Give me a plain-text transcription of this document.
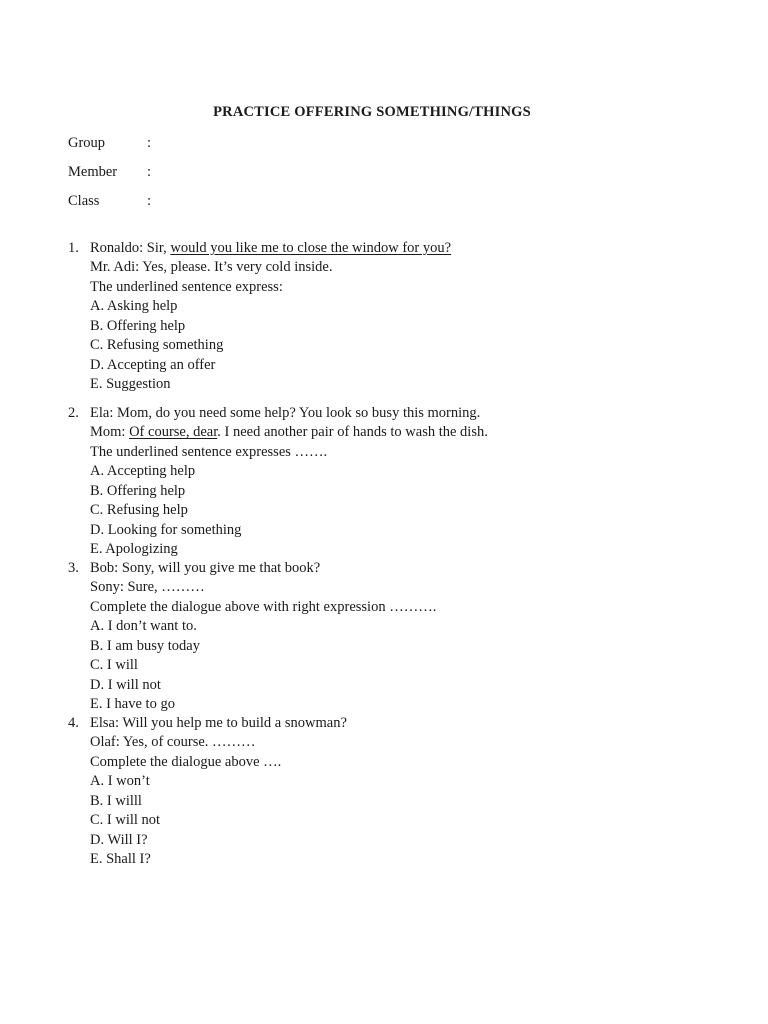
PRACTICE OFFERING SOMETHING/THINGS
Group	:
Member :
Class	:
1. Ronaldo: Sir, would you like me to close the window for you?
Mr. Adi: Yes, please. It’s very cold inside.
The underlined sentence express:
A. Asking help
B. Offering help
C. Refusing something
D. Accepting an offer
E. Suggestion
2. Ela: Mom, do you need some help? You look so busy this morning.
Mom: Of course, dear. I need another pair of hands to wash the dish.
The underlined sentence expresses …….
A. Accepting help
B. Offering help
C. Refusing help
D. Looking for something
E. Apologizing
3. Bob: Sony, will you give me that book?
Sony: Sure, ………
Complete the dialogue above with right expression ……….
A. I don’t want to.
B. I am busy today
C. I will
D. I will not
E. I have to go
4. Elsa: Will you help me to build a snowman?
Olaf: Yes, of course. ………
Complete the dialogue above ….
A. I won’t
B. I willl
C. I will not
D. Will I?
E. Shall I?
